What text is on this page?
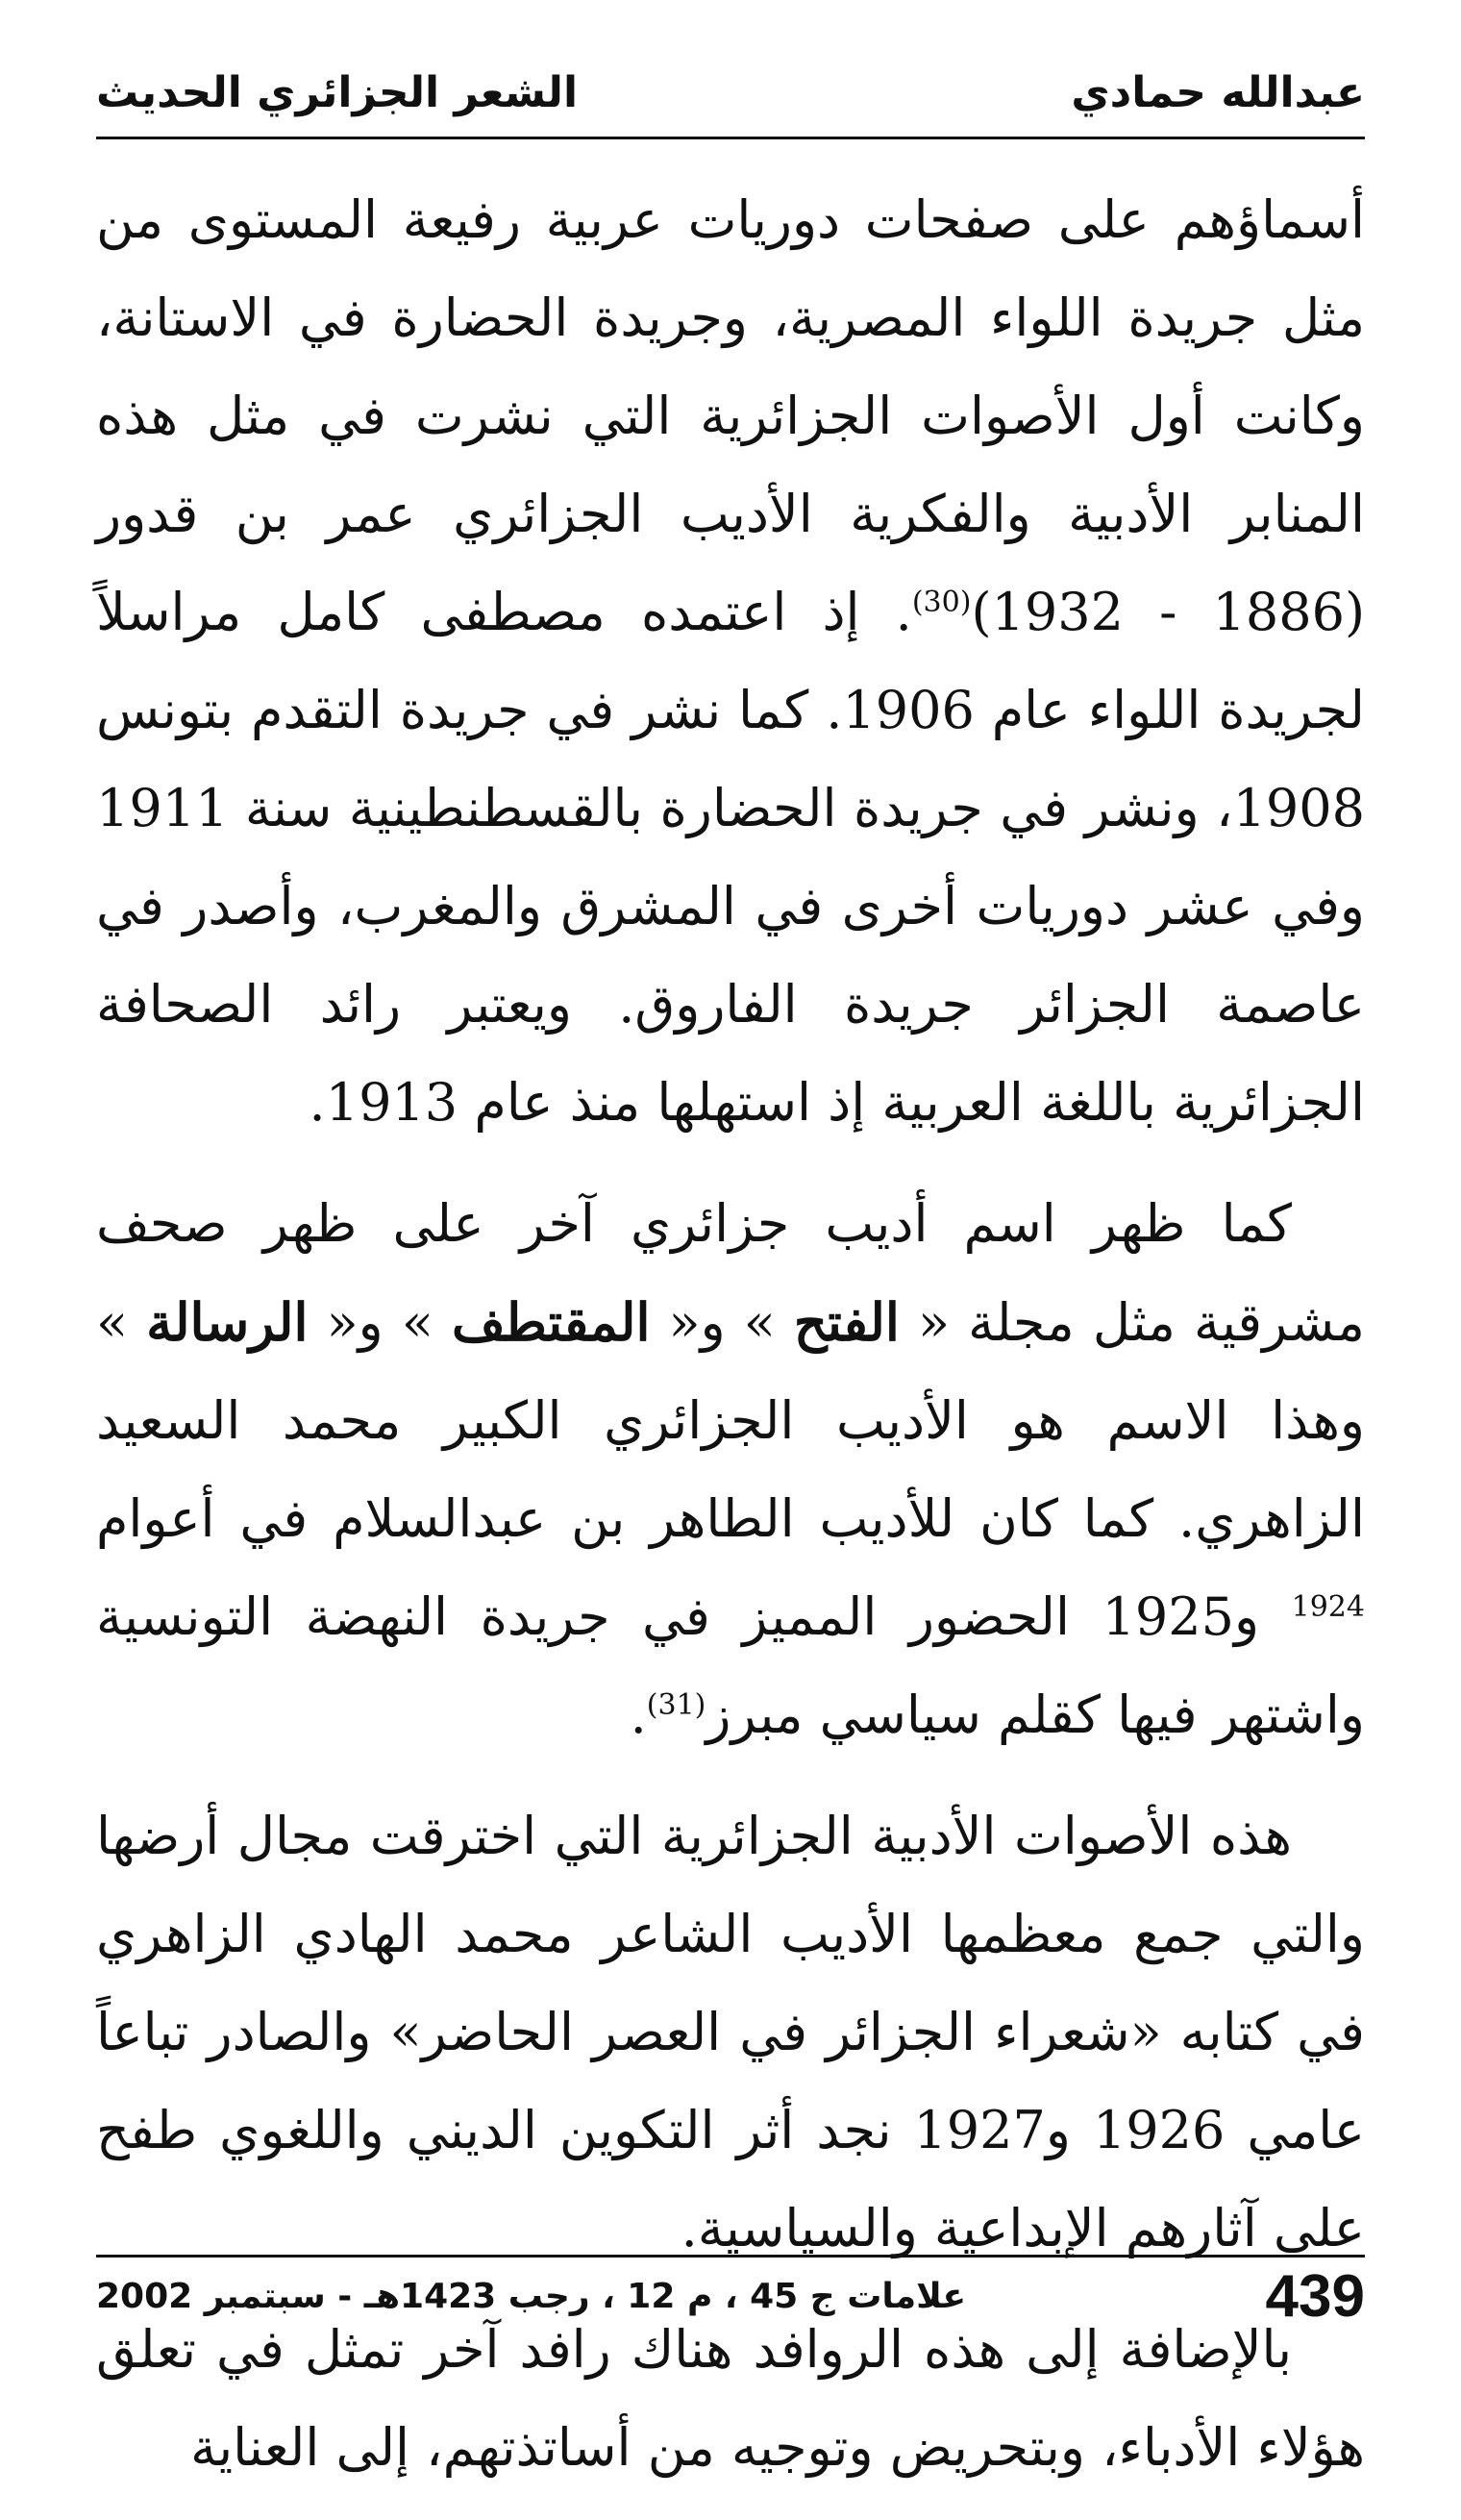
الشعر الجزائري الحديث	عبدالله حمادي

أسماؤهم على صفحات دوريات عربية رفيعة المستوى من مثل جريدة اللواء المصرية، وجريدة الحضارة في الاستانة، وكانت أول الأصوات الجزائرية التي نشرت في مثل هذه المنابر الأدبية والفكرية الأديب الجزائري عمر بن قدور (1886 - 1932)$^{(30)}$. إذ اعتمده مصطفى كامل مراسلاً لجريدة اللواء عام 1906. كما نشر في جريدة التقدم بتونس 1908، ونشر في جريدة الحضارة بالقسطنطينية سنة 1911 وفي عشر دوريات أخرى في المشرق والمغرب، وأصدر في عاصمة الجزائر جريدة الفاروق. ويعتبر رائد الصحافة الجزائرية باللغة العربية إذ استهلها منذ عام 1913.

كما ظهر اسم أديب جزائري آخر على ظهر صحف مشرقية مثل مجلة « الفتح » و« المقتطف » و« الرسالة » وهذا الاسم هو الأديب الجزائري الكبير محمد السعيد الزاهري. كما كان للأديب الطاهر بن عبدالسلام في أعوام $^{1924}$ و1925 الحضور المميز في جريدة النهضة التونسية واشتهر فيها كقلم سياسي مبرز$^{(31)}$.

هذه الأصوات الأدبية الجزائرية التي اخترقت مجال أرضها والتي جمع معظمها الأديب الشاعر محمد الهادي الزاهري في كتابه «شعراء الجزائر في العصر الحاضر» والصادر تباعاً عامي 1926 و1927 نجد أثر التكوين الديني واللغوي طفح على آثارهم الإبداعية والسياسية.

بالإضافة إلى هذه الروافد هناك رافد آخر تمثل في تعلق هؤلاء الأدباء، وبتحريض وتوجيه من أساتذتهم، إلى العناية

علامات ج 45 ، م 12 ، رجب 1423هـ - سبتمبر 2002	439
